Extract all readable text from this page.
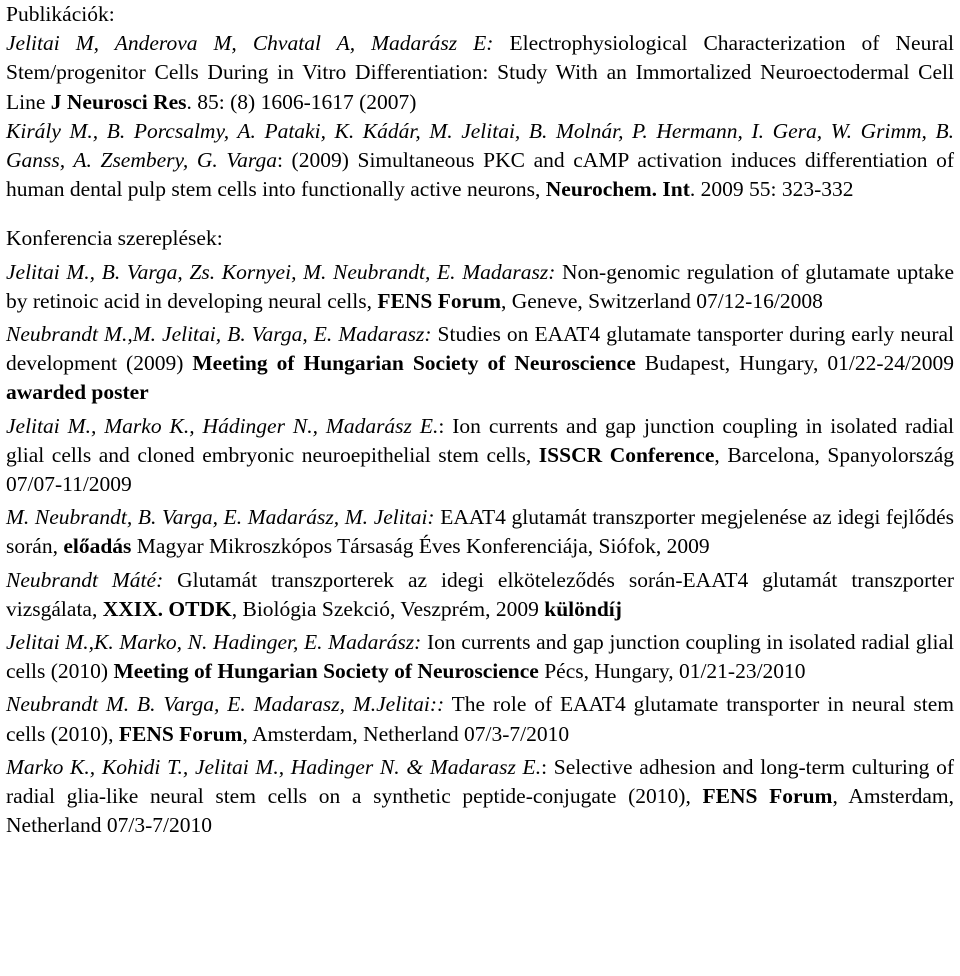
Publikációk:

Jelitai M, Anderova M, Chvatal A, Madarász E: Electrophysiological Characterization of Neural Stem/progenitor Cells During in Vitro Differentiation: Study With an Immortalized Neuroectodermal Cell Line J Neurosci Res. 85: (8) 1606-1617 (2007)

Király M., B. Porcsalmy, A. Pataki, K. Kádár, M. Jelitai, B. Molnár, P. Hermann, I. Gera, W. Grimm, B. Ganss, A. Zsembery, G. Varga: (2009) Simultaneous PKC and cAMP activation induces differentiation of human dental pulp stem cells into functionally active neurons, Neurochem. Int. 2009 55: 323-332

Konferencia szereplések:

Jelitai M., B. Varga, Zs. Kornyei, M. Neubrandt, E. Madarasz: Non-genomic regulation of glutamate uptake by retinoic acid in developing neural cells, FENS Forum, Geneve, Switzerland 07/12-16/2008

Neubrandt M.,M. Jelitai, B. Varga, E. Madarasz: Studies on EAAT4 glutamate tansporter during early neural development (2009) Meeting of Hungarian Society of Neuroscience Budapest, Hungary, 01/22-24/2009 awarded poster

Jelitai M., Marko K., Hádinger N., Madarász E.: Ion currents and gap junction coupling in isolated radial glial cells and cloned embryonic neuroepithelial stem cells, ISSCR Conference, Barcelona, Spanyolország 07/07-11/2009

M. Neubrandt, B. Varga, E. Madarász, M. Jelitai: EAAT4 glutamát transzporter megjelenése az idegi fejlődés során, előadás Magyar Mikroszkópos Társaság Éves Konferenciája, Siófok, 2009

Neubrandt Máté: Glutamát transzporterek az idegi elköteleződés során-EAAT4 glutamát transzporter vizsgálata, XXIX. OTDK, Biológia Szekció, Veszprém, 2009 különdíj

Jelitai M.,K. Marko, N. Hadinger, E. Madarász: Ion currents and gap junction coupling in isolated radial glial cells (2010) Meeting of Hungarian Society of Neuroscience Pécs, Hungary, 01/21-23/2010

Neubrandt M. B. Varga, E. Madarasz, M.Jelitai:: The role of EAAT4 glutamate transporter in neural stem cells (2010), FENS Forum, Amsterdam, Netherland 07/3-7/2010

Marko K., Kohidi T., Jelitai M., Hadinger N. & Madarasz E.: Selective adhesion and long-term culturing of radial glia-like neural stem cells on a synthetic peptide-conjugate (2010), FENS Forum, Amsterdam, Netherland 07/3-7/2010
